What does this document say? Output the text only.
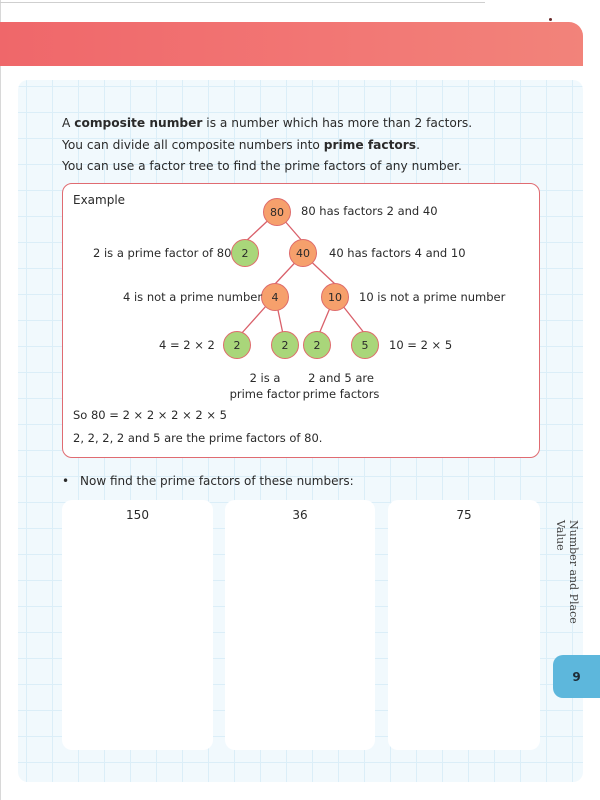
A composite number is a number which has more than 2 factors.

You can divide all composite numbers into prime factors.

You can use a factor tree to find the prime factors of any number.

Example
80
2	40
4	10
2	2	2	5
80 has factors 2 and 40
2 is a prime factor of 80	40 has factors 4 and 10
4 is not a prime number	10 is not a prime number
4 = 2 × 2	10 = 2 × 5
2 is a
prime factor
2 and 5 are
prime factors
So 80 = 2 × 2 × 2 × 2 × 5
2, 2, 2, 2 and 5 are the prime factors of 80.
• Now find the prime factors of these numbers:
150	36	75
Number and Place Value
9
